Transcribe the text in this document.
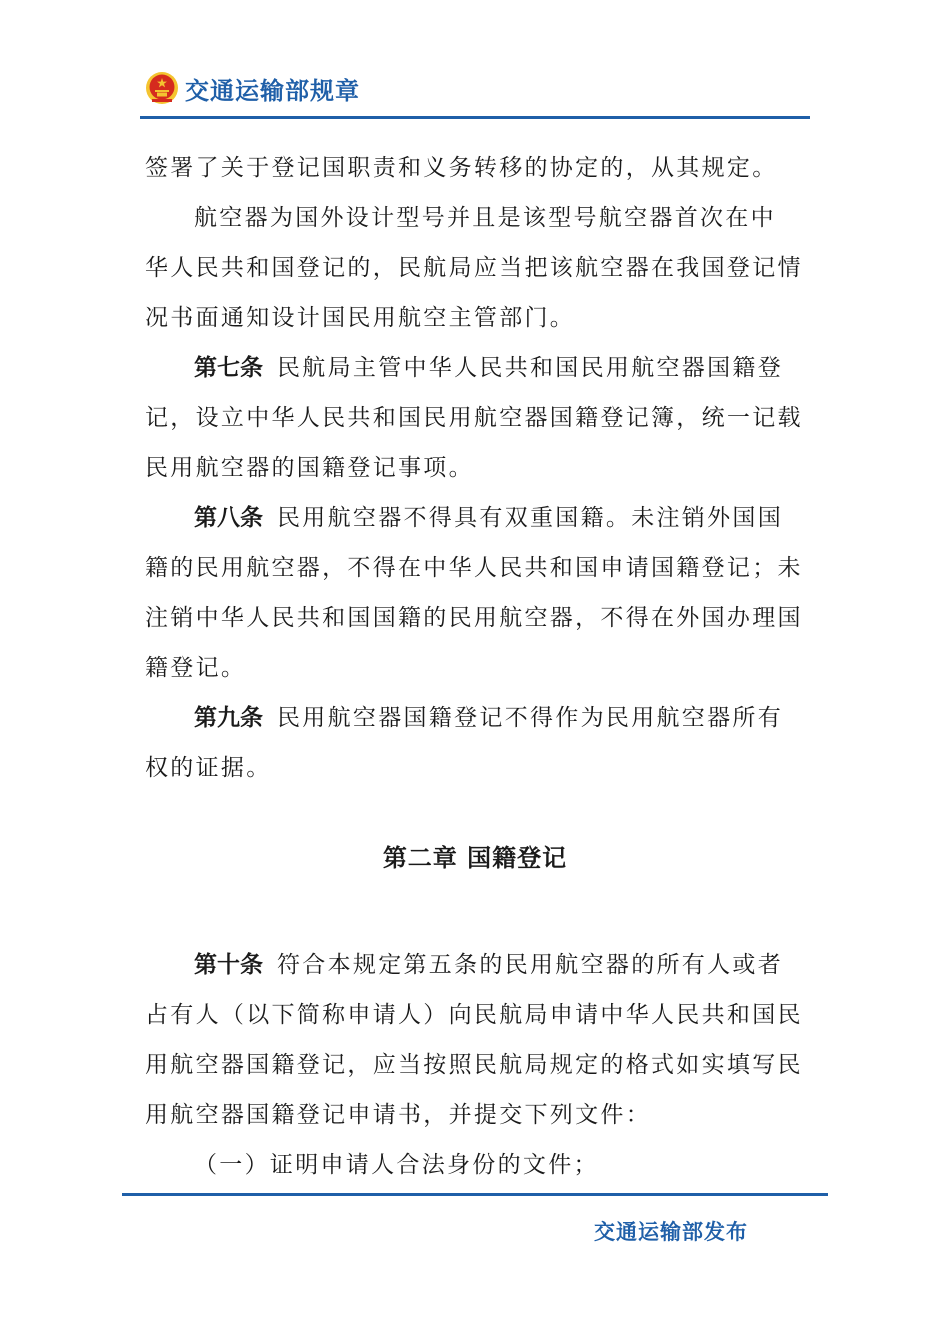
交通运输部规章
签署了关于登记国职责和义务转移的协定的，从其规定。
航空器为国外设计型号并且是该型号航空器首次在中
华人民共和国登记的，民航局应当把该航空器在我国登记情
况书面通知设计国民用航空主管部门。
第七条 民航局主管中华人民共和国民用航空器国籍登
记，设立中华人民共和国民用航空器国籍登记簿，统一记载
民用航空器的国籍登记事项。
第八条 民用航空器不得具有双重国籍。未注销外国国
籍的民用航空器，不得在中华人民共和国申请国籍登记；未
注销中华人民共和国国籍的民用航空器，不得在外国办理国
籍登记。
第九条 民用航空器国籍登记不得作为民用航空器所有
权的证据。
第二章 国籍登记
第十条 符合本规定第五条的民用航空器的所有人或者
占有人（以下简称申请人）向民航局申请中华人民共和国民
用航空器国籍登记，应当按照民航局规定的格式如实填写民
用航空器国籍登记申请书，并提交下列文件：
（一）证明申请人合法身份的文件；
交通运输部发布
